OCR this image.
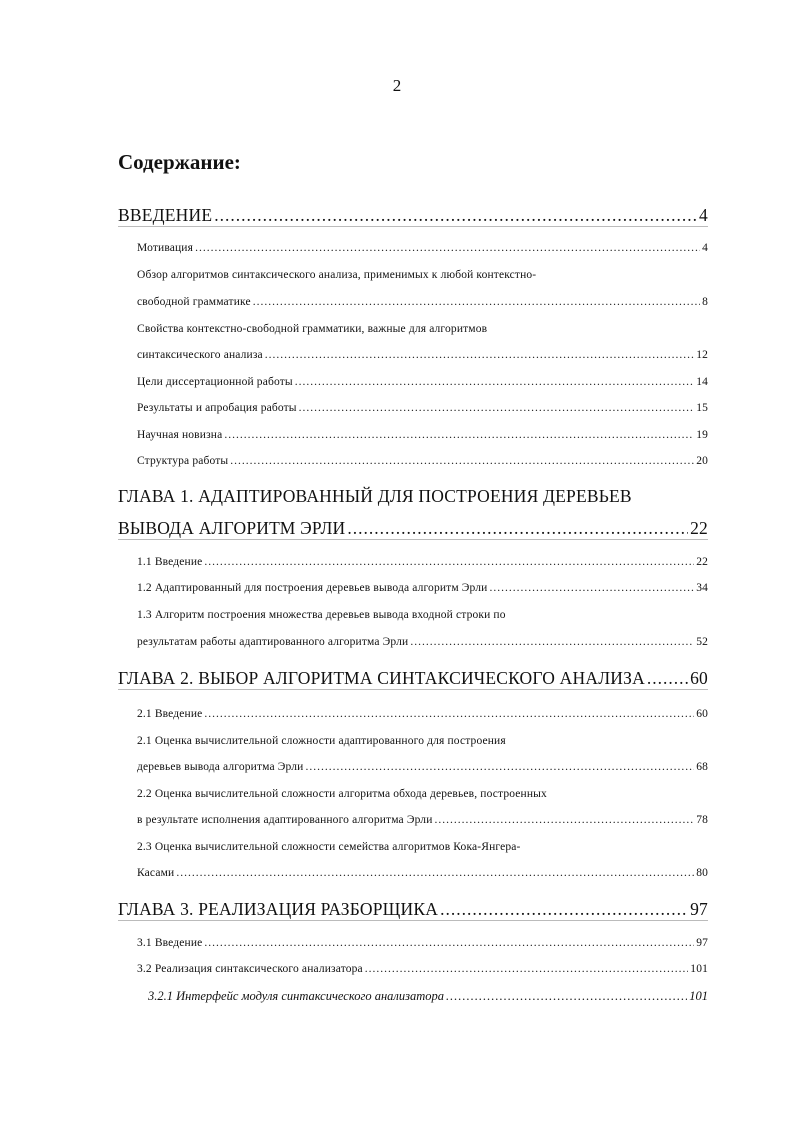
2
Содержание:
ВВЕДЕНИЕ .....	4
Мотивация .....	4
Обзор алгоритмов синтаксического анализа, применимых к любой контекстно-
свободной грамматике .....	8
Свойства контекстно-свободной грамматики, важные для алгоритмов
синтаксического анализа .....	12
Цели диссертационной работы .....	14
Результаты и апробация работы .....	15
Научная новизна .....	19
Структура работы .....	20
ГЛАВА 1. АДАПТИРОВАННЫЙ ДЛЯ ПОСТРОЕНИЯ ДЕРЕВЬЕВ
ВЫВОДА АЛГОРИТМ ЭРЛИ .....	22
1.1 Введение .....	22
1.2 Адаптированный для построения деревьев вывода алгоритм Эрли .....	34
1.3 Алгоритм построения множества деревьев вывода входной строки по
результатам работы адаптированного алгоритма Эрли .....	52
ГЛАВА 2. ВЫБОР АЛГОРИТМА СИНТАКСИЧЕСКОГО АНАЛИЗА .....	60
2.1 Введение .....	60
2.1 Оценка вычислительной сложности адаптированного для построения
деревьев вывода алгоритма Эрли .....	68
2.2 Оценка вычислительной сложности алгоритма обхода деревьев, построенных
в результате исполнения адаптированного алгоритма Эрли .....	78
2.3 Оценка вычислительной сложности семейства алгоритмов Кока-Янгера-
Касами .....	80
ГЛАВА 3. РЕАЛИЗАЦИЯ РАЗБОРЩИКА .....	97
3.1 Введение .....	97
3.2 Реализация синтаксического анализатора .....	101
3.2.1 Интерфейс модуля синтаксического анализатора .....	101
